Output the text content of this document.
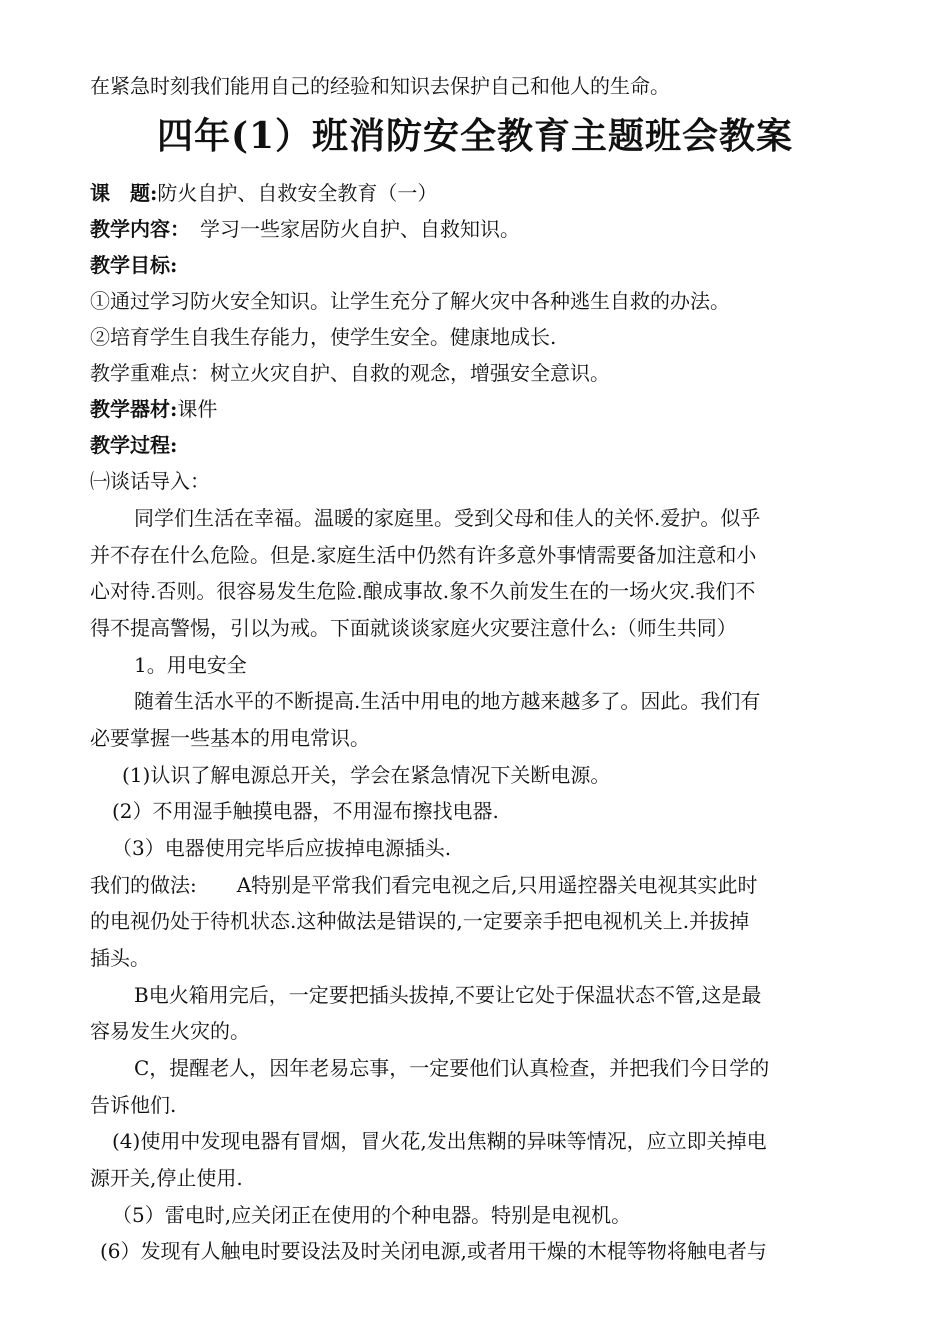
在紧急时刻我们能用自己的经验和知识去保护自己和他人的生命。
四年(1）班消防安全教育主题班会教案
课　题:防火自护、自救安全教育（一）
教学内容：　学习一些家居防火自护、自救知识。
教学目标:
①通过学习防火安全知识。让学生充分了解火灾中各种逃生自救的办法。
②培育学生自我生存能力，使学生安全。健康地成长.
教学重难点：树立火灾自护、自救的观念，增强安全意识。
教学器材:课件
教学过程:
㈠谈话导入：
同学们生活在幸福。温暖的家庭里。受到父母和佳人的关怀.爱护。似乎
并不存在什么危险。但是.家庭生活中仍然有许多意外事情需要备加注意和小
心对待.否则。很容易发生危险.酿成事故.象不久前发生在的一场火灾.我们不
得不提高警惕，引以为戒。下面就谈谈家庭火灾要注意什么:（师生共同）
1。用电安全
随着生活水平的不断提高.生活中用电的地方越来越多了。因此。我们有
必要掌握一些基本的用电常识。
(1)认识了解电源总开关，学会在紧急情况下关断电源。
(2）不用湿手触摸电器，不用湿布擦找电器.
（3）电器使用完毕后应拔掉电源插头.
我们的做法:　　A特别是平常我们看完电视之后,只用遥控器关电视其实此时
的电视仍处于待机状态.这种做法是错误的,一定要亲手把电视机关上.并拔掉
插头。
B电火箱用完后，一定要把插头拔掉,不要让它处于保温状态不管,这是最
容易发生火灾的。
C，提醒老人，因年老易忘事，一定要他们认真检查，并把我们今日学的
告诉他们.
(4)使用中发现电器有冒烟，冒火花,发出焦糊的异味等情况，应立即关掉电
源开关,停止使用.
（5）雷电时,应关闭正在使用的个种电器。特别是电视机。
(6）发现有人触电时要设法及时关闭电源,或者用干燥的木棍等物将触电者与
